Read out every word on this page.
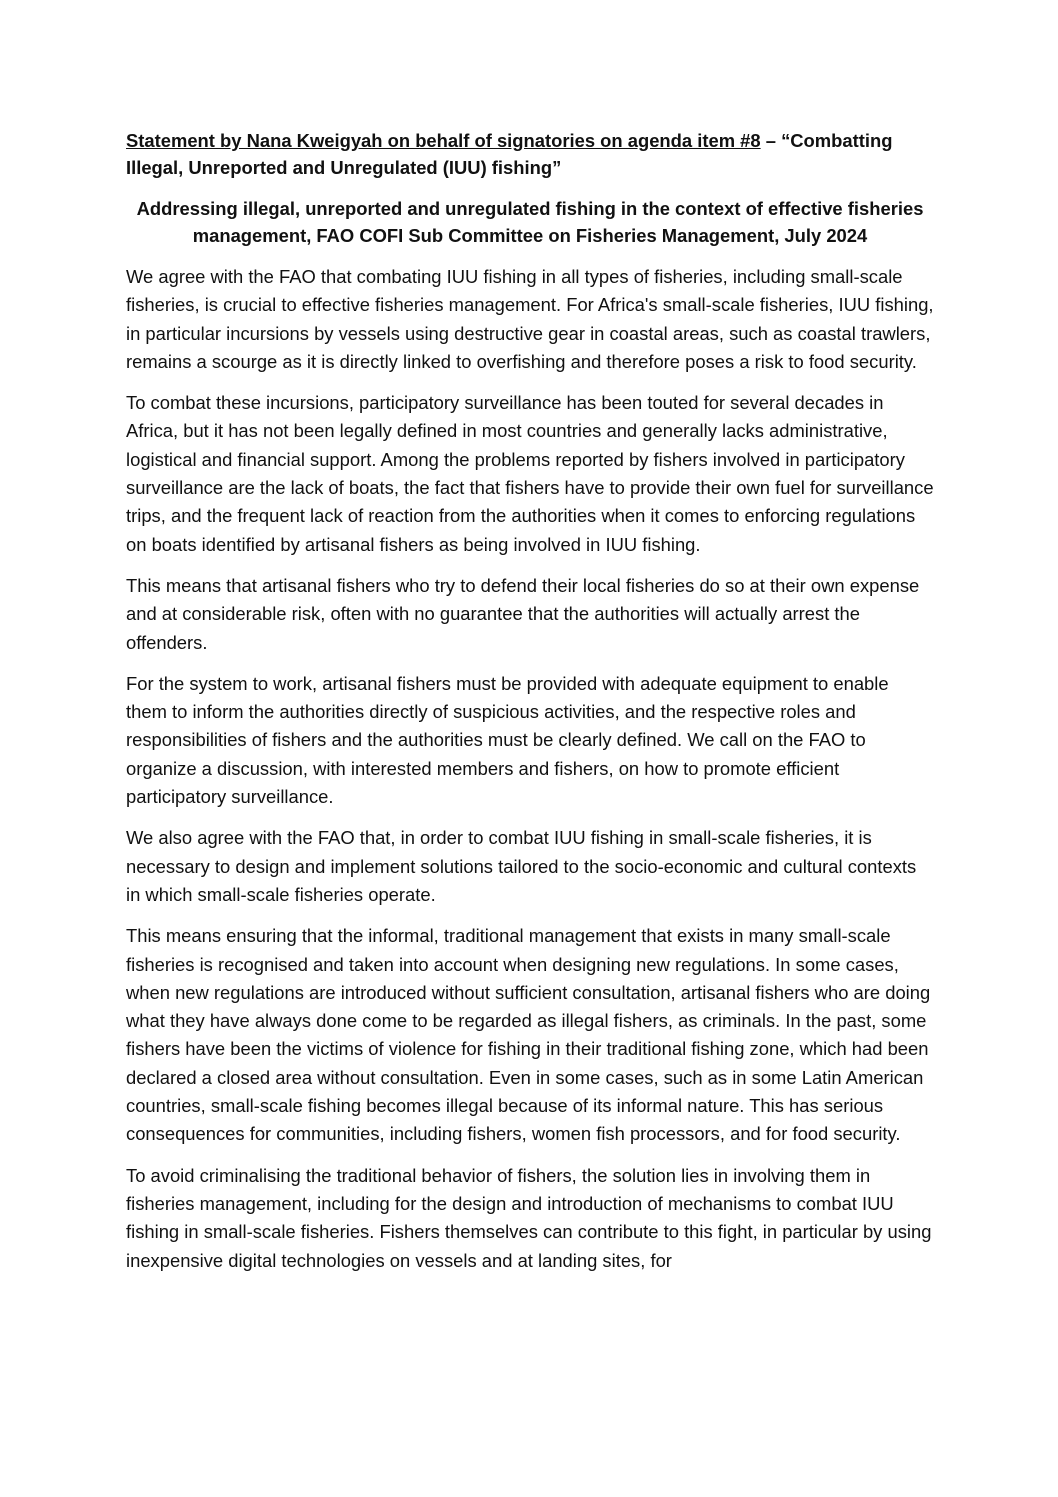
Statement by Nana Kweigyah on behalf of signatories on agenda item #8 – “Combatting Illegal, Unreported and Unregulated (IUU) fishing”

Addressing illegal, unreported and unregulated fishing in the context of effective fisheries management, FAO COFI Sub Committee on Fisheries Management, July 2024

We agree with the FAO that combating IUU fishing in all types of fisheries, including small-scale fisheries, is crucial to effective fisheries management. For Africa's small-scale fisheries, IUU fishing, in particular incursions by vessels using destructive gear in coastal areas, such as coastal trawlers, remains a scourge as it is directly linked to overfishing and therefore poses a risk to food security.

To combat these incursions, participatory surveillance has been touted for several decades in Africa, but it has not been legally defined in most countries and generally lacks administrative, logistical and financial support. Among the problems reported by fishers involved in participatory surveillance are the lack of boats, the fact that fishers have to provide their own fuel for surveillance trips, and the frequent lack of reaction from the authorities when it comes to enforcing regulations on boats identified by artisanal fishers as being involved in IUU fishing.

This means that artisanal fishers who try to defend their local fisheries do so at their own expense and at considerable risk, often with no guarantee that the authorities will actually arrest the offenders.

For the system to work, artisanal fishers must be provided with adequate equipment to enable them to inform the authorities directly of suspicious activities, and the respective roles and responsibilities of fishers and the authorities must be clearly defined. We call on the FAO to organize a discussion, with interested members and fishers, on how to promote efficient participatory surveillance.

We also agree with the FAO that, in order to combat IUU fishing in small-scale fisheries, it is necessary to design and implement solutions tailored to the socio-economic and cultural contexts in which small-scale fisheries operate.

This means ensuring that the informal, traditional management that exists in many small-scale fisheries is recognised and taken into account when designing new regulations. In some cases, when new regulations are introduced without sufficient consultation, artisanal fishers who are doing what they have always done come to be regarded as illegal fishers, as criminals. In the past, some fishers have been the victims of violence for fishing in their traditional fishing zone, which had been declared a closed area without consultation. Even in some cases, such as in some Latin American countries, small-scale fishing becomes illegal because of its informal nature. This has serious consequences for communities, including fishers, women fish processors, and for food security.

To avoid criminalising the traditional behavior of fishers, the solution lies in involving them in fisheries management, including for the design and introduction of mechanisms to combat IUU fishing in small-scale fisheries. Fishers themselves can contribute to this fight, in particular by using inexpensive digital technologies on vessels and at landing sites, for
